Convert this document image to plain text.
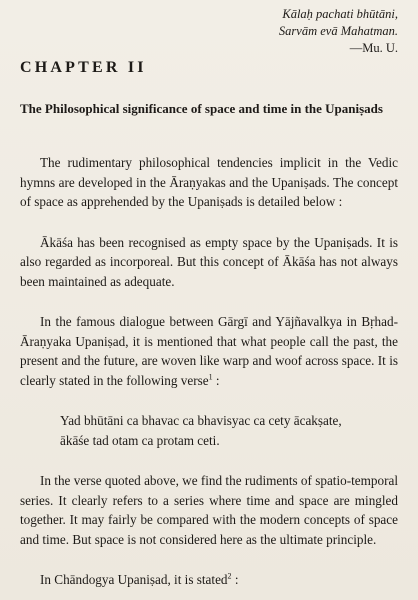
Kālaḥ pachati bhūtāni,
Sarvām evā Mahatman.
—Mu. U.
CHAPTER II
The Philosophical significance of space and time in the Upaniṣads

The rudimentary philosophical tendencies implicit in the Vedic hymns are developed in the Āraṇyakas and the Upaniṣads. The concept of space as apprehended by the Upaniṣads is detailed below :

Ākāśa has been recognised as empty space by the Upaniṣads. It is also regarded as incorporeal. But this concept of Ākāśa has not always been maintained as adequate.

In the famous dialogue between Gārgī and Yājñavalkya in Bṛhad-Āraṇyaka Upaniṣad, it is mentioned that what people call the past, the present and the future, are woven like warp and woof across space. It is clearly stated in the following verse$^1$ :

Yad bhūtāni ca bhavac ca bhavisyac ca cety ācakṣate,
ākāśe tad otam ca protam ceti.

In the verse quoted above, we find the rudiments of spatio-temporal series. It clearly refers to a series where time and space are mingled together. It may fairly be compared with the modern concepts of space and time. But space is not considered here as the ultimate principle.

In Chāndogya Upaniṣad, it is stated$^2$ :
